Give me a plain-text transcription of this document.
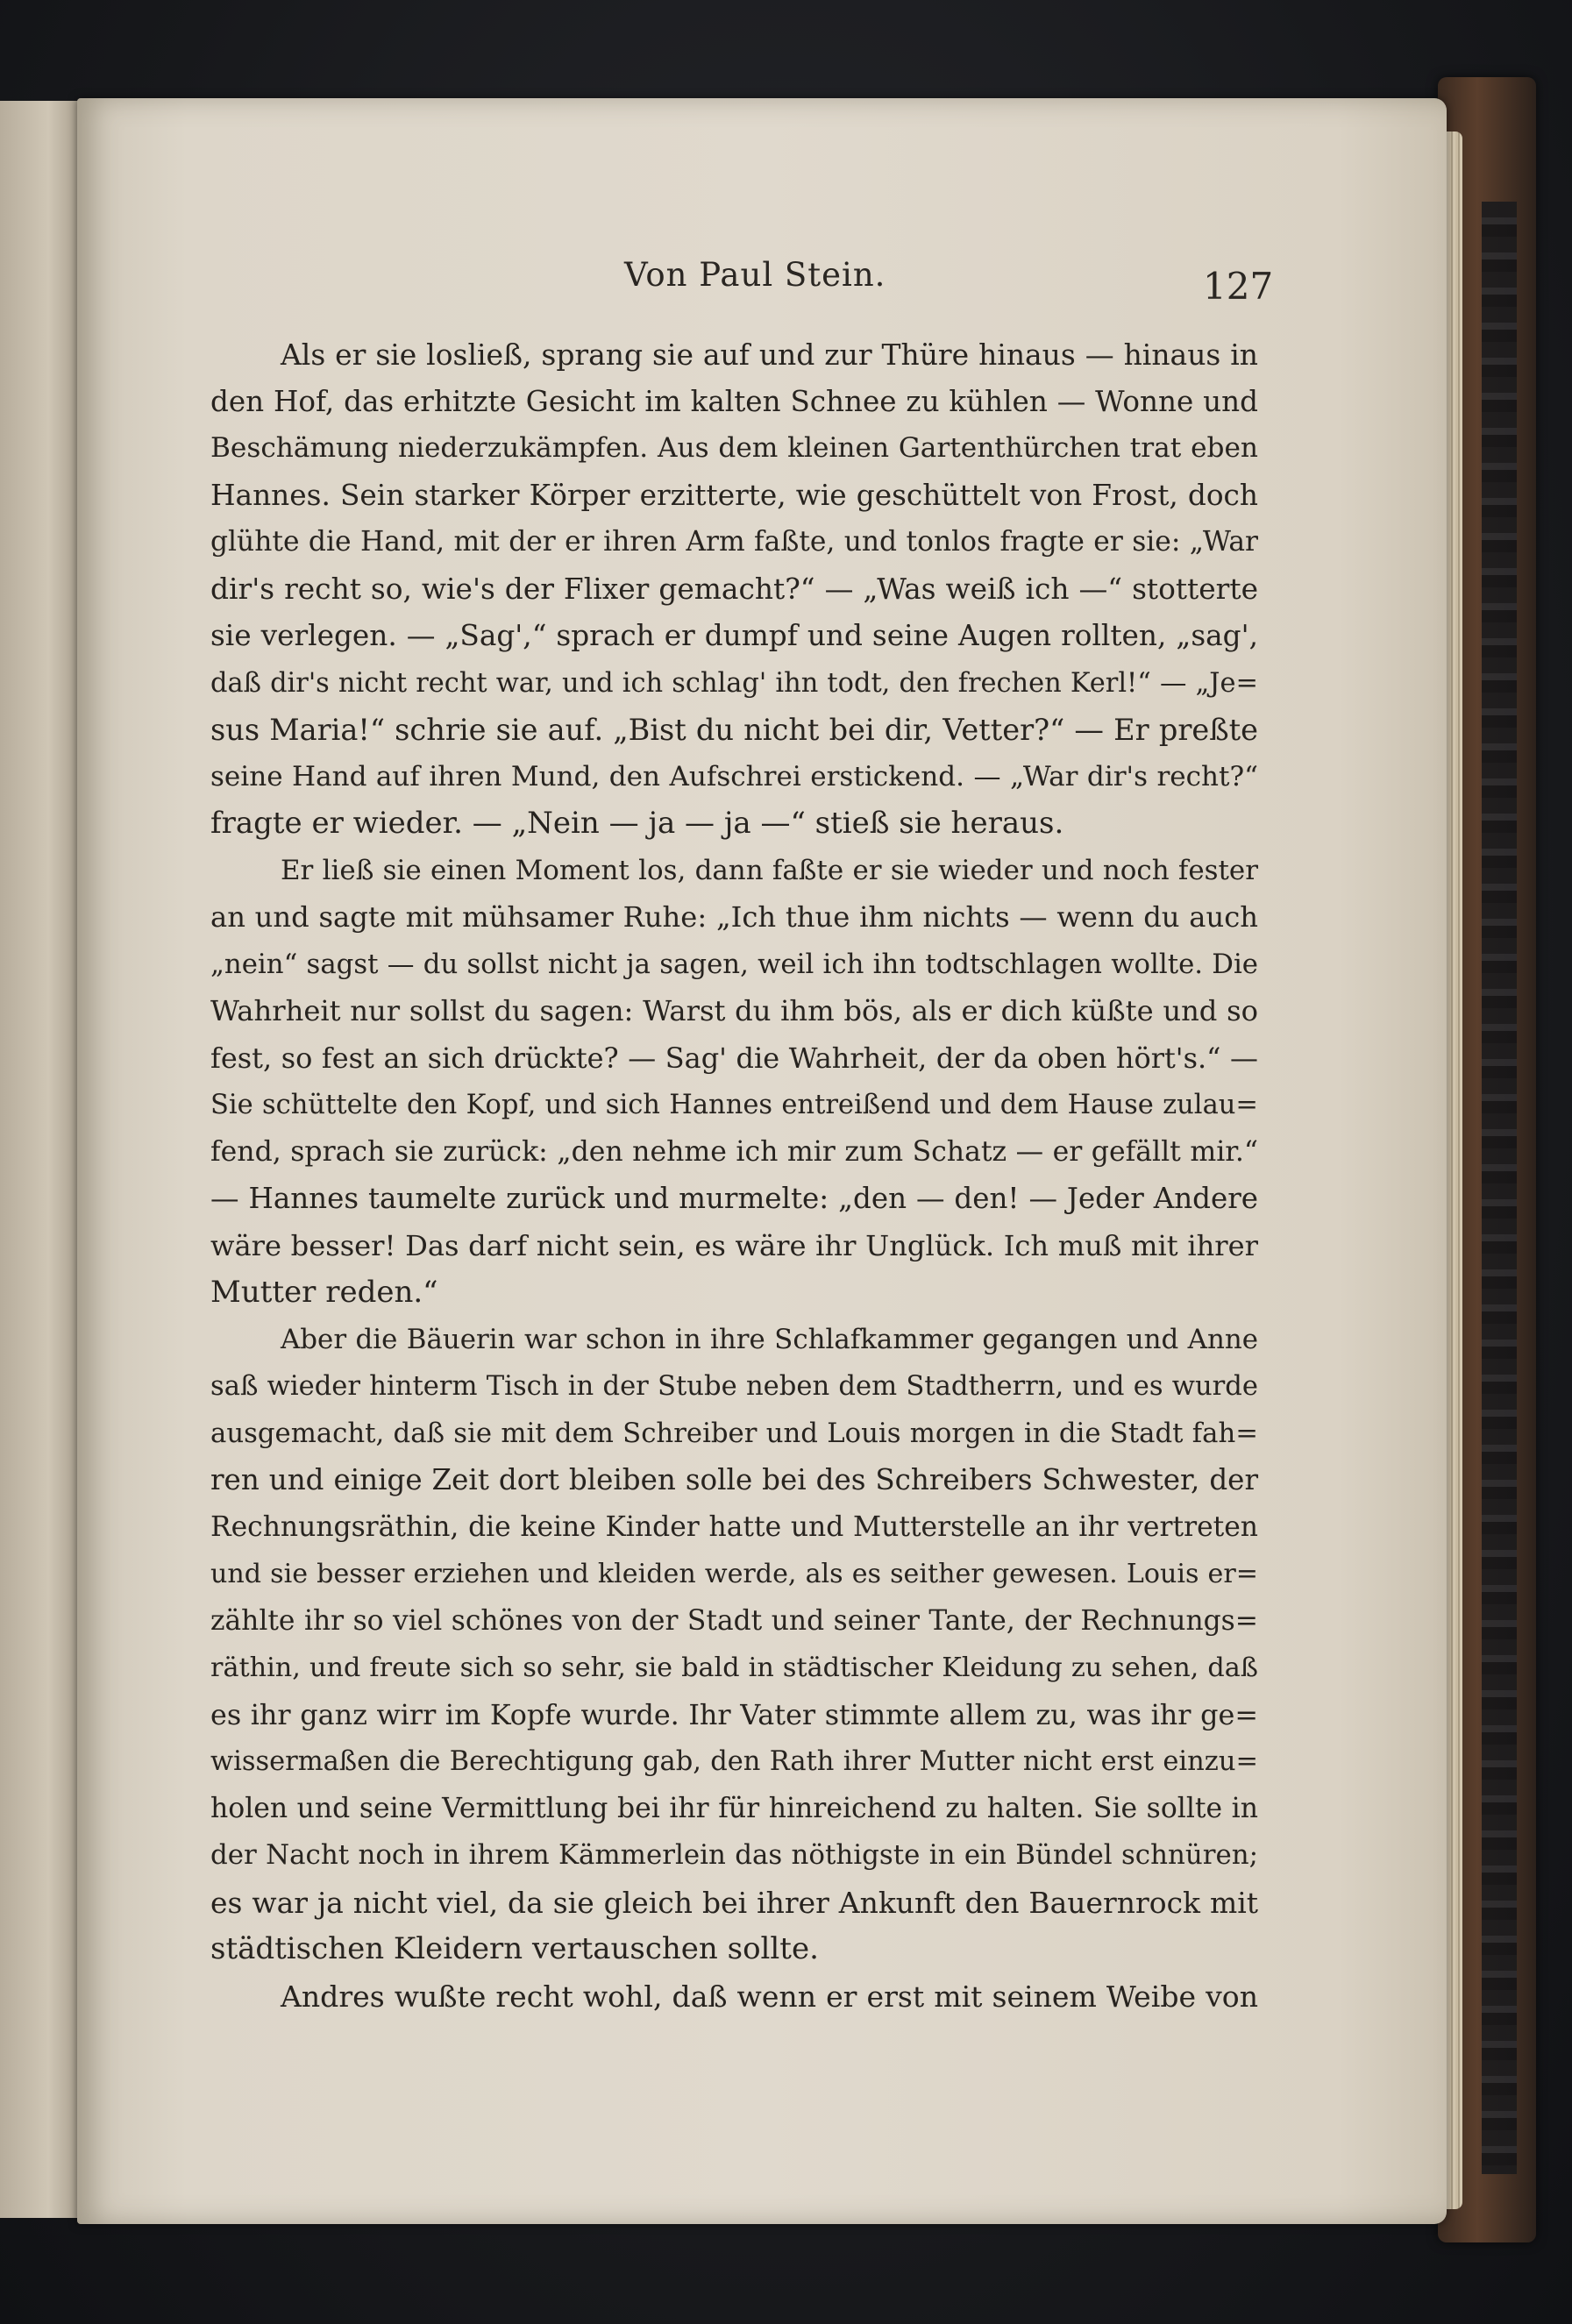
Von Paul Stein.	127
Als er sie losließ, sprang sie auf und zur Thüre hinaus — hinaus in
den Hof, das erhitzte Gesicht im kalten Schnee zu kühlen — Wonne und
Beschämung niederzukämpfen. Aus dem kleinen Gartenthürchen trat eben
Hannes. Sein starker Körper erzitterte, wie geschüttelt von Frost, doch
glühte die Hand, mit der er ihren Arm faßte, und tonlos fragte er sie: „War
dir's recht so, wie's der Flixer gemacht?“ — „Was weiß ich —“ stotterte
sie verlegen. — „Sag',“ sprach er dumpf und seine Augen rollten, „sag',
daß dir's nicht recht war, und ich schlag' ihn todt, den frechen Kerl!“ — „Je=
sus Maria!“ schrie sie auf. „Bist du nicht bei dir, Vetter?“ — Er preßte
seine Hand auf ihren Mund, den Aufschrei erstickend. — „War dir's recht?“
fragte er wieder. — „Nein — ja — ja —“ stieß sie heraus.
Er ließ sie einen Moment los, dann faßte er sie wieder und noch fester
an und sagte mit mühsamer Ruhe: „Ich thue ihm nichts — wenn du auch
„nein“ sagst — du sollst nicht ja sagen, weil ich ihn todtschlagen wollte. Die
Wahrheit nur sollst du sagen: Warst du ihm bös, als er dich küßte und so
fest, so fest an sich drückte? — Sag' die Wahrheit, der da oben hört's.“ —
Sie schüttelte den Kopf, und sich Hannes entreißend und dem Hause zulau=
fend, sprach sie zurück: „den nehme ich mir zum Schatz — er gefällt mir.“
— Hannes taumelte zurück und murmelte: „den — den! — Jeder Andere
wäre besser! Das darf nicht sein, es wäre ihr Unglück. Ich muß mit ihrer
Mutter reden.“
Aber die Bäuerin war schon in ihre Schlafkammer gegangen und Anne
saß wieder hinterm Tisch in der Stube neben dem Stadtherrn, und es wurde
ausgemacht, daß sie mit dem Schreiber und Louis morgen in die Stadt fah=
ren und einige Zeit dort bleiben solle bei des Schreibers Schwester, der
Rechnungsräthin, die keine Kinder hatte und Mutterstelle an ihr vertreten
und sie besser erziehen und kleiden werde, als es seither gewesen. Louis er=
zählte ihr so viel schönes von der Stadt und seiner Tante, der Rechnungs=
räthin, und freute sich so sehr, sie bald in städtischer Kleidung zu sehen, daß
es ihr ganz wirr im Kopfe wurde. Ihr Vater stimmte allem zu, was ihr ge=
wissermaßen die Berechtigung gab, den Rath ihrer Mutter nicht erst einzu=
holen und seine Vermittlung bei ihr für hinreichend zu halten. Sie sollte in
der Nacht noch in ihrem Kämmerlein das nöthigste in ein Bündel schnüren;
es war ja nicht viel, da sie gleich bei ihrer Ankunft den Bauernrock mit
städtischen Kleidern vertauschen sollte.
Andres wußte recht wohl, daß wenn er erst mit seinem Weibe von
